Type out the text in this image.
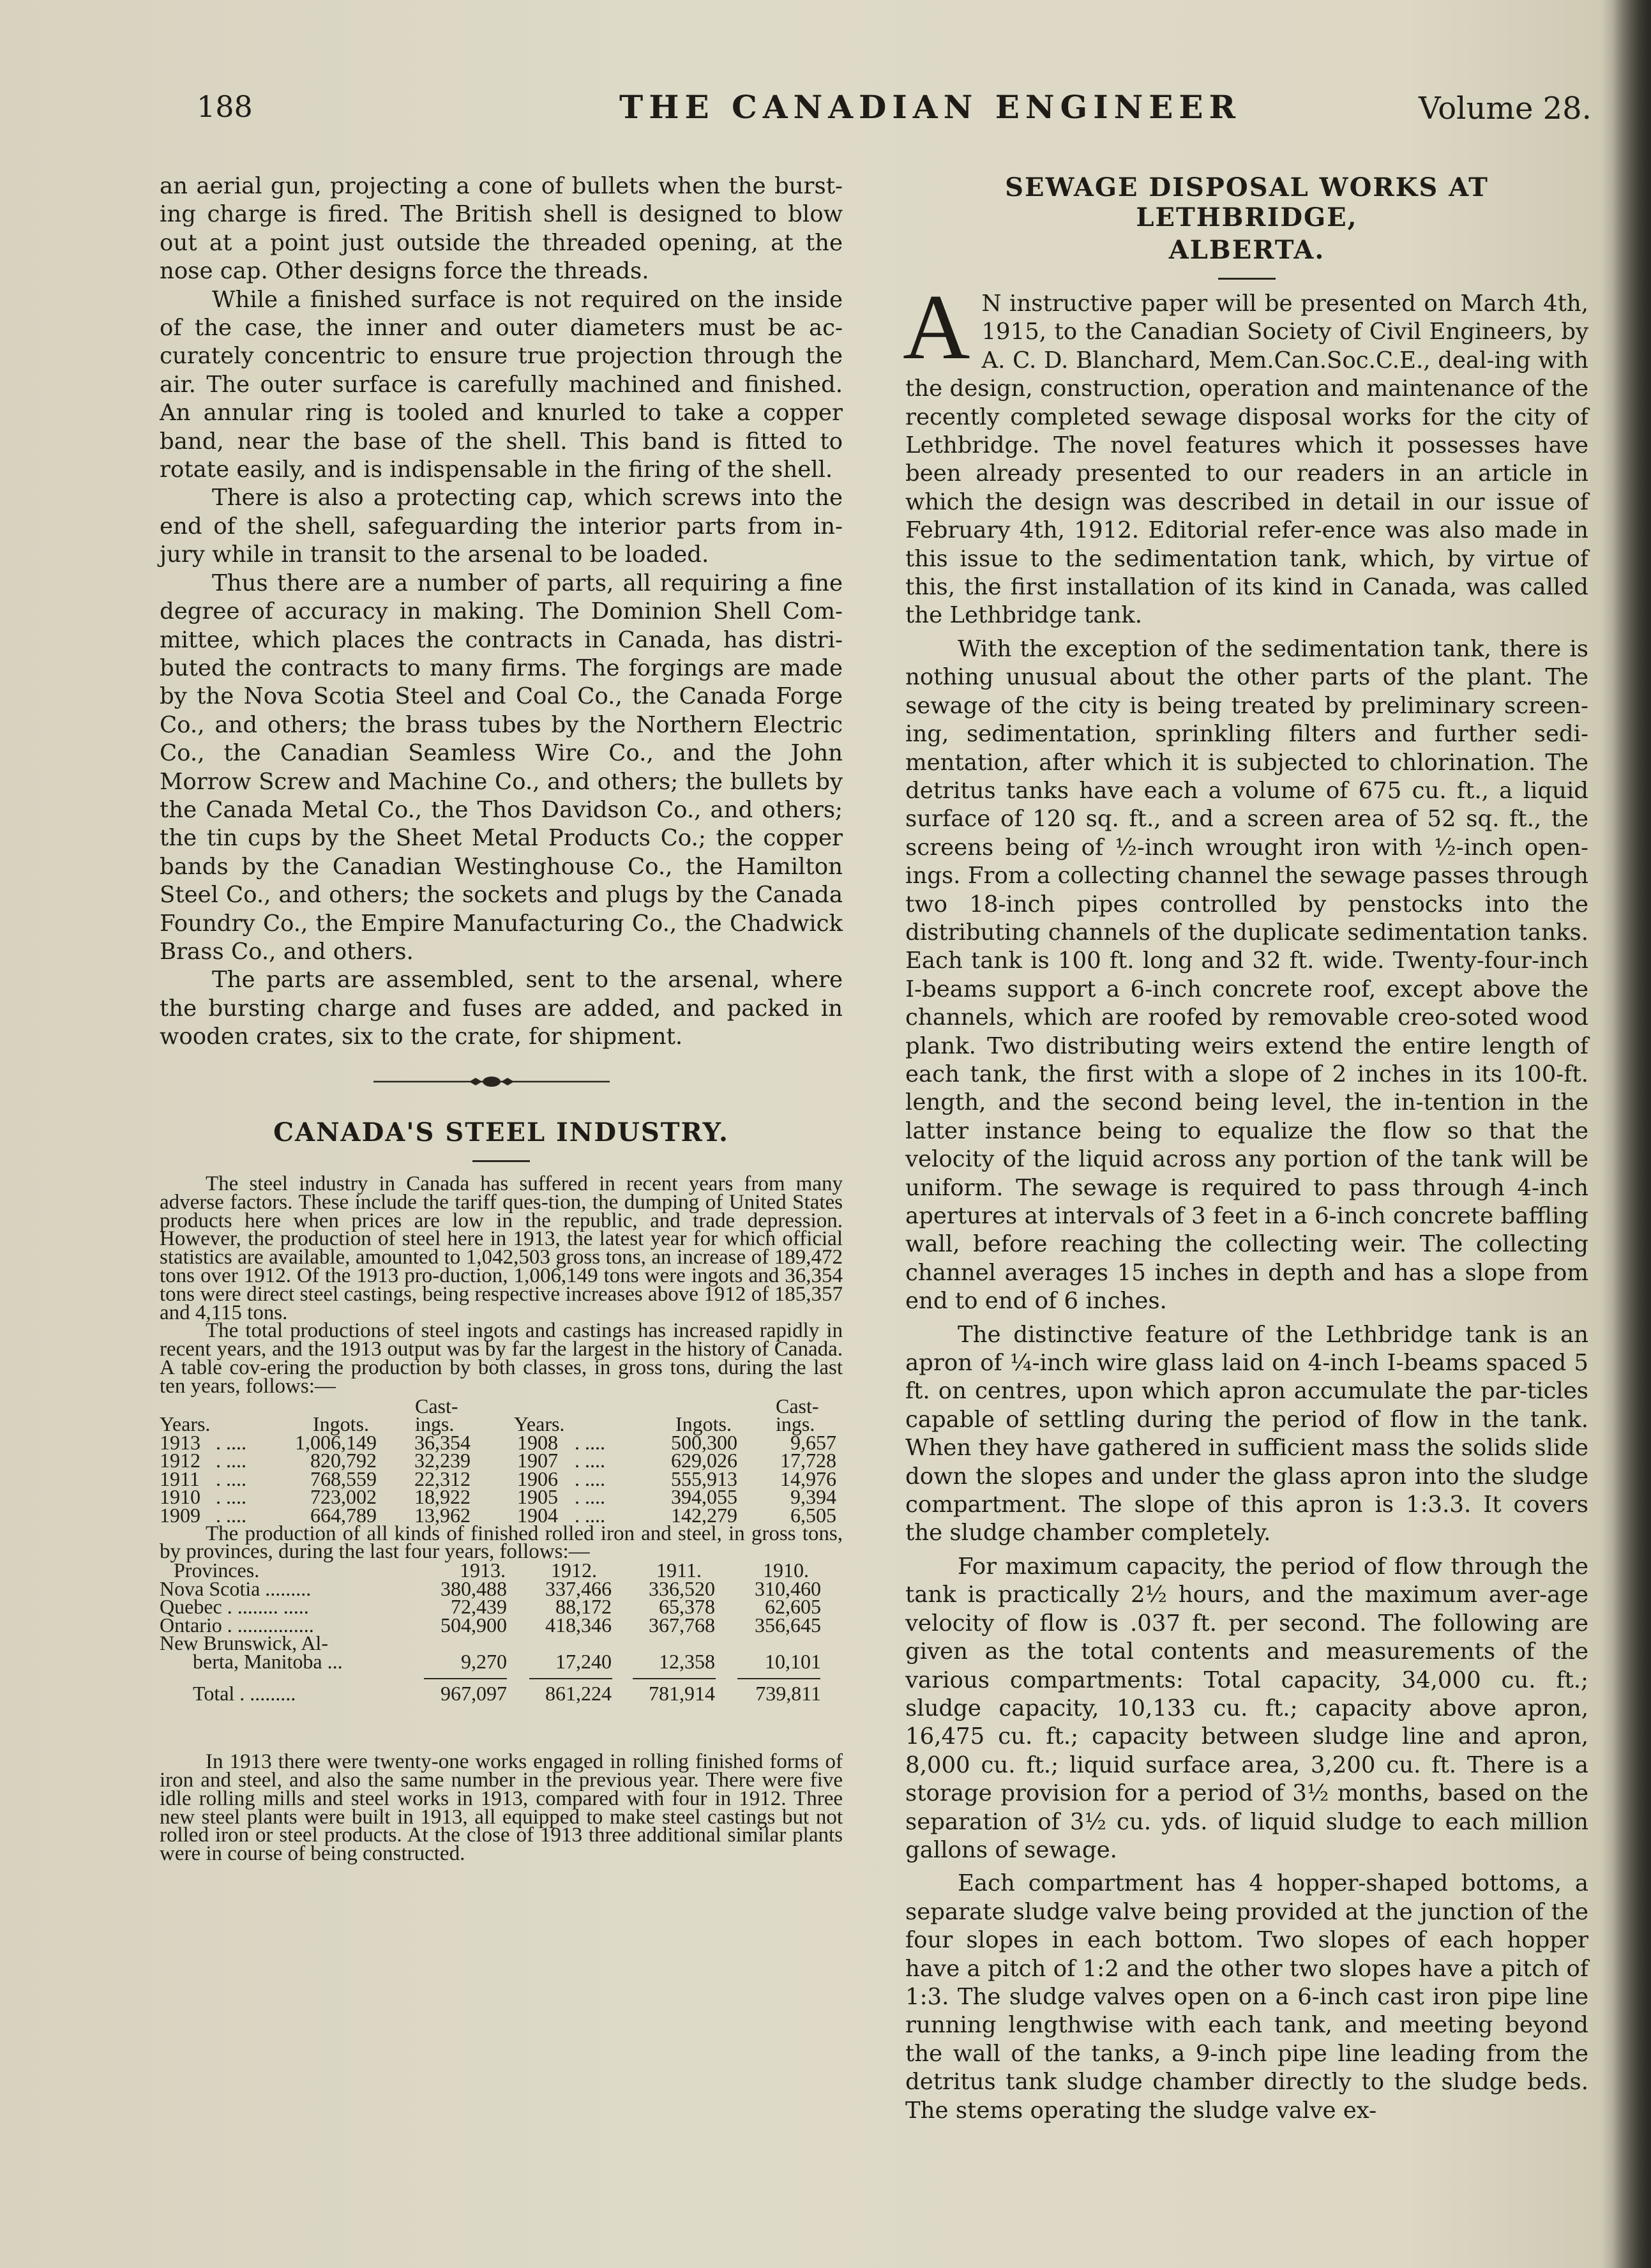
188	THE CANADIAN ENGINEER	Volume 28.

an aerial gun, projecting a cone of bullets when the burst-ing charge is fired. The British shell is designed to blow out at a point just outside the threaded opening, at the nose cap. Other designs force the threads.

While a finished surface is not required on the inside of the case, the inner and outer diameters must be ac-curately concentric to ensure true projection through the air. The outer surface is carefully machined and finished. An annular ring is tooled and knurled to take a copper band, near the base of the shell. This band is fitted to rotate easily, and is indispensable in the firing of the shell.

There is also a protecting cap, which screws into the end of the shell, safeguarding the interior parts from in-jury while in transit to the arsenal to be loaded.

Thus there are a number of parts, all requiring a fine degree of accuracy in making. The Dominion Shell Com-mittee, which places the contracts in Canada, has distri-buted the contracts to many firms. The forgings are made by the Nova Scotia Steel and Coal Co., the Canada Forge Co., and others; the brass tubes by the Northern Electric Co., the Canadian Seamless Wire Co., and the John Morrow Screw and Machine Co., and others; the bullets by the Canada Metal Co., the Thos Davidson Co., and others; the tin cups by the Sheet Metal Products Co.; the copper bands by the Canadian Westinghouse Co., the Hamilton Steel Co., and others; the sockets and plugs by the Canada Foundry Co., the Empire Manufacturing Co., the Chadwick Brass Co., and others.

The parts are assembled, sent to the arsenal, where the bursting charge and fuses are added, and packed in wooden crates, six to the crate, for shipment.

CANADA'S STEEL INDUSTRY.

The steel industry in Canada has suffered in recent years from many adverse factors. These include the tariff ques-tion, the dumping of United States products here when prices are low in the republic, and trade depression. However, the production of steel here in 1913, the latest year for which official statistics are available, amounted to 1,042,503 gross tons, an increase of 189,472 tons over 1912. Of the 1913 pro-duction, 1,006,149 tons were ingots and 36,354 tons were direct steel castings, being respective increases above 1912 of 185,357 and 4,115 tons.

The total productions of steel ingots and castings has increased rapidly in recent years, and the 1913 output was by far the largest in the history of Canada. A table cov-ering the production by both classes, in gross tons, during the last ten years, follows:—

Cast-	Cast-
Years.	Ingots. ings.	Years.	Ingots. ings.
1913 . .... 1,006,149 36,354 1908 . ....	500,300	9,657
1912 . ....	820,792 32,239 1907 . ....	629,026 17,728
1911 . ....	768,559 22,312 1906 . ....	555,913 14,976
1910 . ....	723,002 18,922 1905 . ....	394,055	9,394
1909 . ....	664,789 13,962 1904 . ....	142,279	6,505

The production of all kinds of finished rolled iron and steel, in gross tons, by provinces, during the last four years, follows:—

Provinces.	1913. 1912.	1911.	1910.
Nova Scotia .........	380,488 337,466 336,520 310,460
Quebec . ........ .....	72,439 88,172 65,378 62,605
Ontario . ...............	504,900 418,346 367,768 356,645
New Brunswick, Al-
berta, Manitoba ...	9,270 17,240 12,358 10,101
Total . .........	967,097 861,224 781,914 739,811

In 1913 there were twenty-one works engaged in rolling finished forms of iron and steel, and also the same number in the previous year. There were five idle rolling mills and steel works in 1913, compared with four in 1912. Three new steel plants were built in 1913, all equipped to make steel castings but not rolled iron or steel products. At the close of 1913 three additional similar plants were in course of being constructed.

SEWAGE DISPOSAL WORKS AT LETHBRIDGE,

ALBERTA.

A N instructive paper will be presented on March 4th, 1915, to the Canadian Society of Civil Engineers, by A. C. D. Blanchard, Mem.Can.Soc.C.E., deal-ing with the design, construction, operation and maintenance of the recently completed sewage disposal works for the city of Lethbridge. The novel features which it possesses have been already presented to our readers in an article in which the design was described in detail in our issue of February 4th, 1912. Editorial refer-ence was also made in this issue to the sedimentation tank, which, by virtue of this, the first installation of its kind in Canada, was called the Lethbridge tank.

With the exception of the sedimentation tank, there is nothing unusual about the other parts of the plant. The sewage of the city is being treated by preliminary screen-ing, sedimentation, sprinkling filters and further sedi-mentation, after which it is subjected to chlorination. The detritus tanks have each a volume of 675 cu. ft., a liquid surface of 120 sq. ft., and a screen area of 52 sq. ft., the screens being of ½-inch wrought iron with ½-inch open-ings. From a collecting channel the sewage passes through two 18-inch pipes controlled by penstocks into the distributing channels of the duplicate sedimentation tanks. Each tank is 100 ft. long and 32 ft. wide. Twenty-four-inch I-beams support a 6-inch concrete roof, except above the channels, which are roofed by removable creo-soted wood plank. Two distributing weirs extend the entire length of each tank, the first with a slope of 2 inches in its 100-ft. length, and the second being level, the in-tention in the latter instance being to equalize the flow so that the velocity of the liquid across any portion of the tank will be uniform. The sewage is required to pass through 4-inch apertures at intervals of 3 feet in a 6-inch concrete baffling wall, before reaching the collecting weir. The collecting channel averages 15 inches in depth and has a slope from end to end of 6 inches.

The distinctive feature of the Lethbridge tank is an apron of ¼-inch wire glass laid on 4-inch I-beams spaced 5 ft. on centres, upon which apron accumulate the par-ticles capable of settling during the period of flow in the tank. When they have gathered in sufficient mass the solids slide down the slopes and under the glass apron into the sludge compartment. The slope of this apron is 1:3.3. It covers the sludge chamber completely.

For maximum capacity, the period of flow through the tank is practically 2½ hours, and the maximum aver-age velocity of flow is .037 ft. per second. The following are given as the total contents and measurements of the various compartments: Total capacity, 34,000 cu. ft.; sludge capacity, 10,133 cu. ft.; capacity above apron, 16,475 cu. ft.; capacity between sludge line and apron, 8,000 cu. ft.; liquid surface area, 3,200 cu. ft. There is a storage provision for a period of 3½ months, based on the separation of 3½ cu. yds. of liquid sludge to each million gallons of sewage.

Each compartment has 4 hopper-shaped bottoms, a separate sludge valve being provided at the junction of the four slopes in each bottom. Two slopes of each hopper have a pitch of 1:2 and the other two slopes have a pitch of 1:3. The sludge valves open on a 6-inch cast iron pipe line running lengthwise with each tank, and meeting beyond the wall of the tanks, a 9-inch pipe line leading from the detritus tank sludge chamber directly to the sludge beds. The stems operating the sludge valve ex-
